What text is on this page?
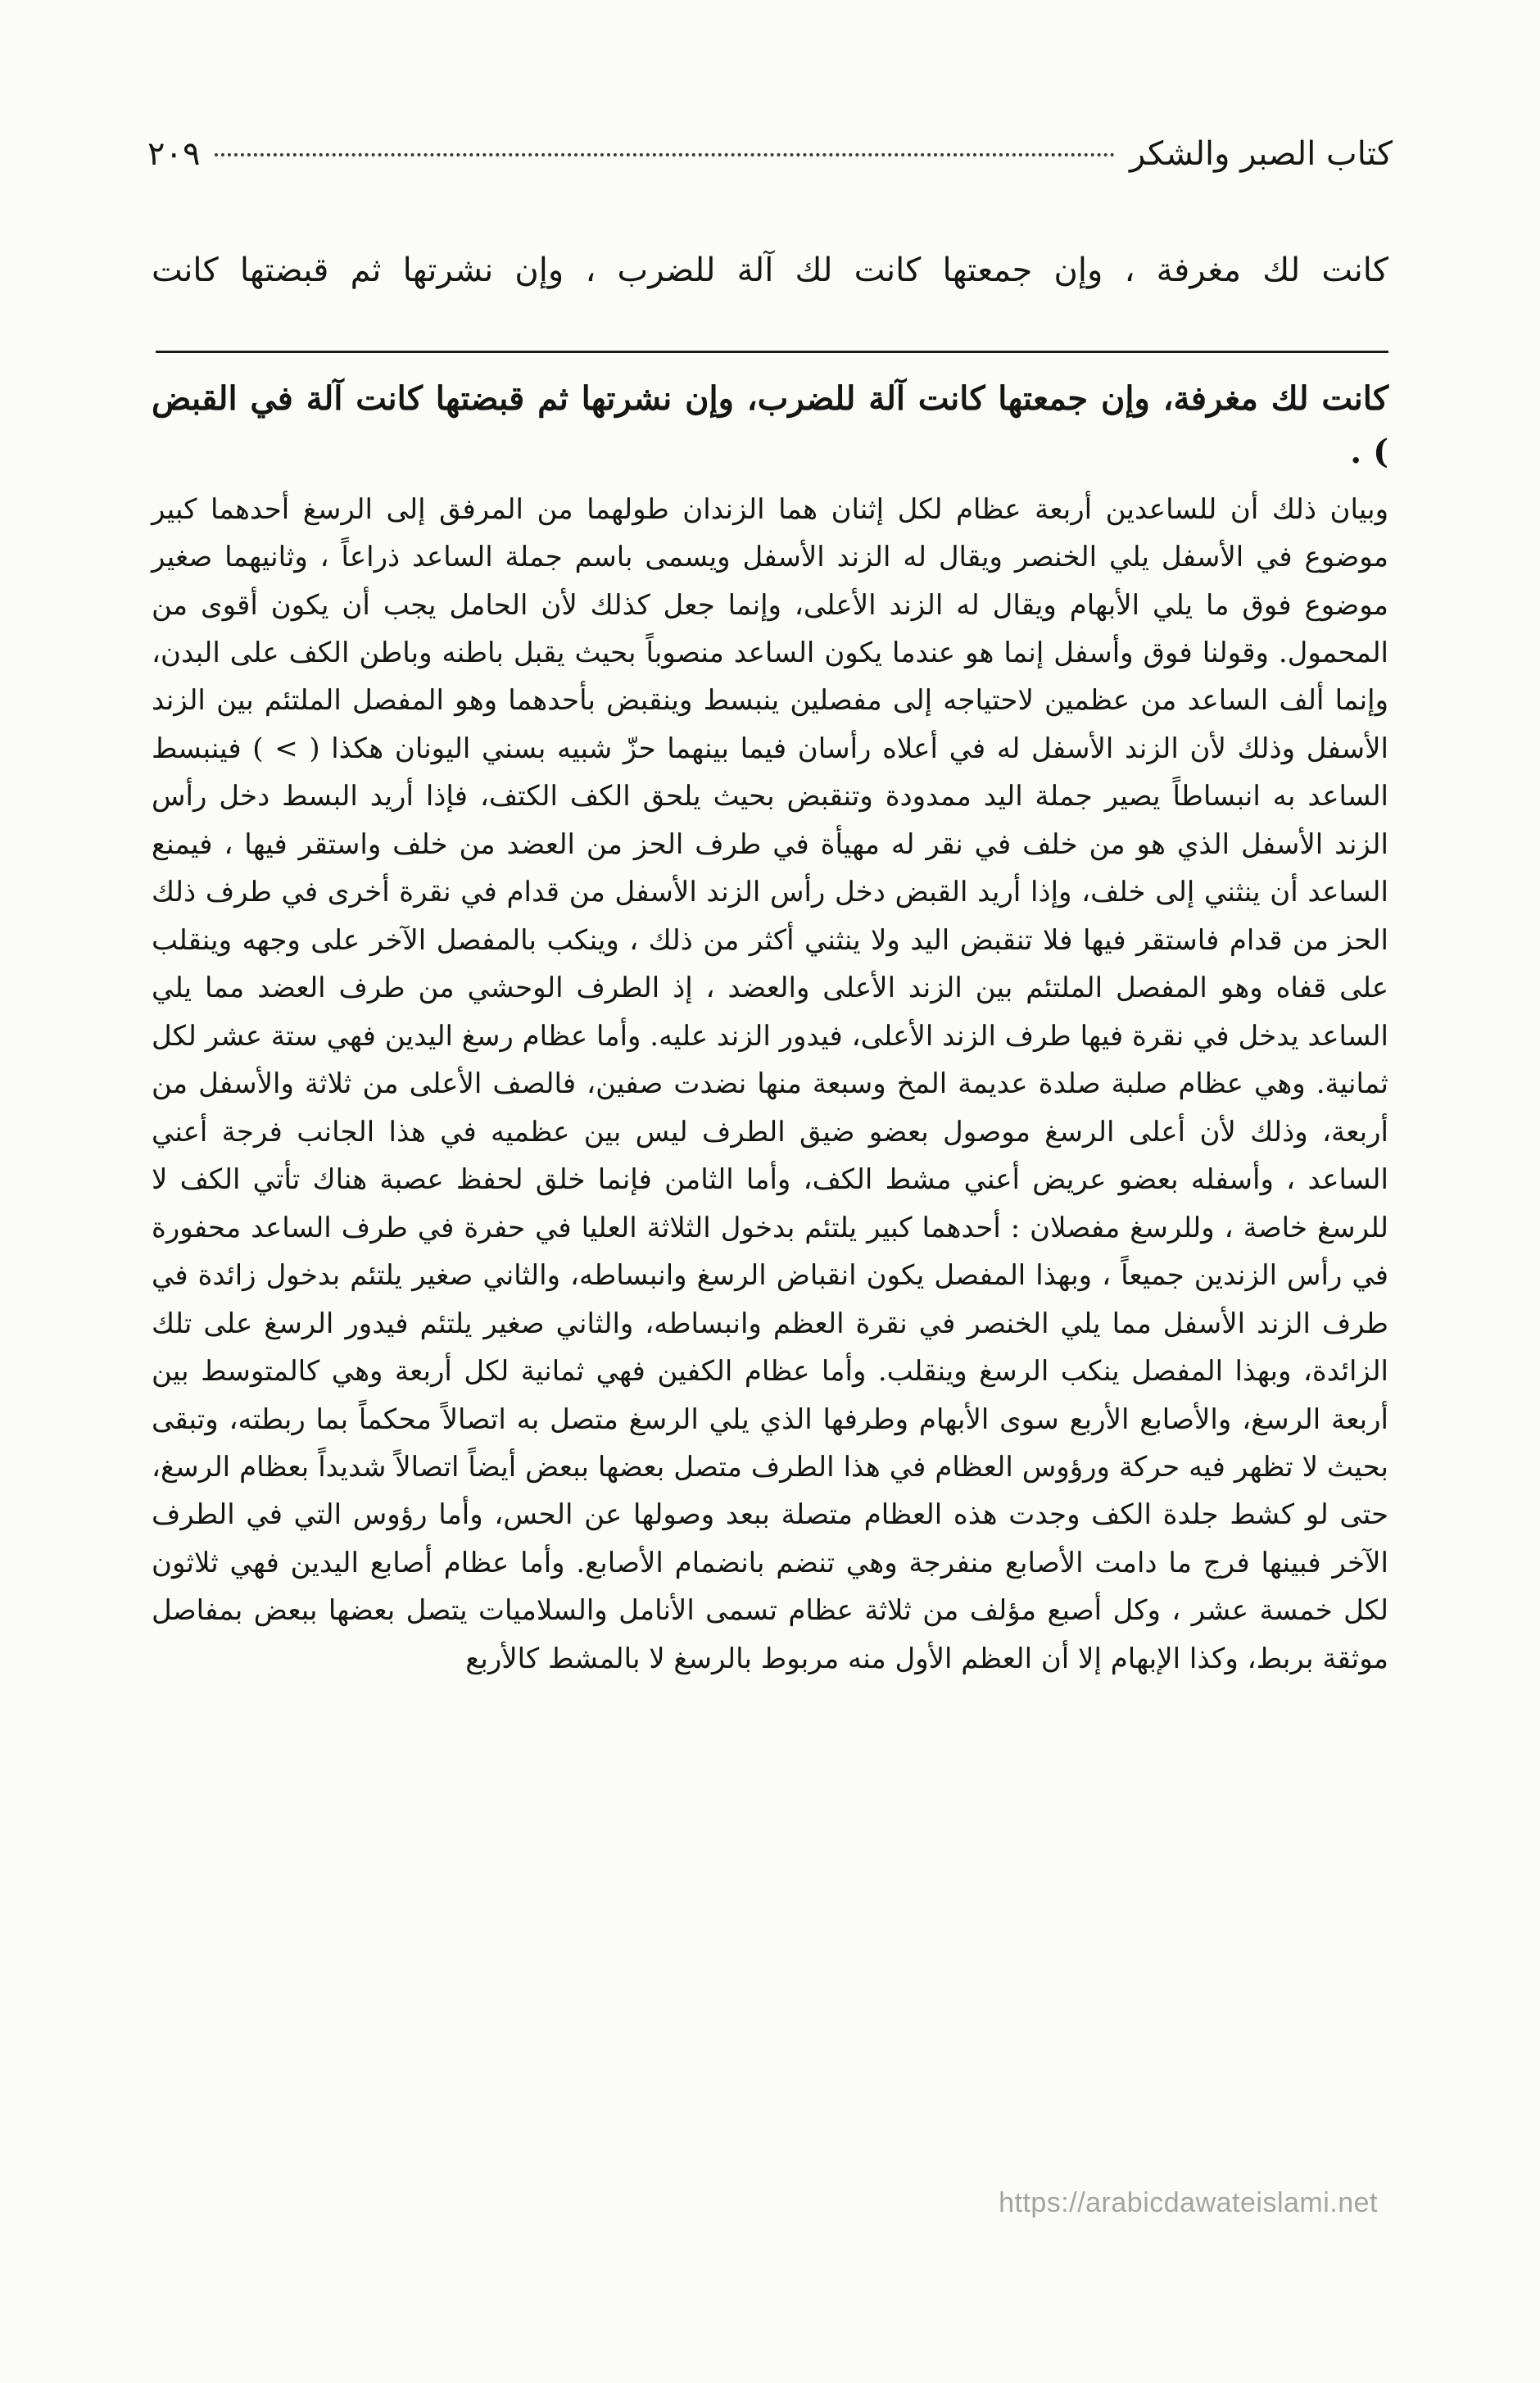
كتاب الصبر والشكر
٢٠٩
كانت لك مغرفة ، وإن جمعتها كانت لك آلة للضرب ، وإن نشرتها ثم قبضتها كانت

كانت لك مغرفة، وإن جمعتها كانت آلة للضرب، وإن نشرتها ثم قبضتها كانت آلة في القبض ) .

وبيان ذلك أن للساعدين أربعة عظام لكل إثنان هما الزندان طولهما من المرفق إلى الرسغ أحدهما كبير موضوع في الأسفل يلي الخنصر ويقال له الزند الأسفل ويسمى باسم جملة الساعد ذراعاً ، وثانيهما صغير موضوع فوق ما يلي الأبهام ويقال له الزند الأعلى، وإنما جعل كذلك لأن الحامل يجب أن يكون أقوى من المحمول. وقولنا فوق وأسفل إنما هو عندما يكون الساعد منصوباً بحيث يقبل باطنه وباطن الكف على البدن، وإنما ألف الساعد من عظمين لاحتياجه إلى مفصلين ينبسط وينقبض بأحدهما وهو المفصل الملتئم بين الزند الأسفل وذلك لأن الزند الأسفل له في أعلاه رأسان فيما بينهما حزّ شبيه بسني اليونان هكذا ( > ) فينبسط الساعد به انبساطاً يصير جملة اليد ممدودة وتنقبض بحيث يلحق الكف الكتف، فإذا أريد البسط دخل رأس الزند الأسفل الذي هو من خلف في نقر له مهيأة في طرف الحز من العضد من خلف واستقر فيها ، فيمنع الساعد أن ينثني إلى خلف، وإذا أريد القبض دخل رأس الزند الأسفل من قدام في نقرة أخرى في طرف ذلك الحز من قدام فاستقر فيها فلا تنقبض اليد ولا ينثني أكثر من ذلك ، وينكب بالمفصل الآخر على وجهه وينقلب على قفاه وهو المفصل الملتئم بين الزند الأعلى والعضد ، إذ الطرف الوحشي من طرف العضد مما يلي الساعد يدخل في نقرة فيها طرف الزند الأعلى، فيدور الزند عليه. وأما عظام رسغ اليدين فهي ستة عشر لكل ثمانية. وهي عظام صلبة صلدة عديمة المخ وسبعة منها نضدت صفين، فالصف الأعلى من ثلاثة والأسفل من أربعة، وذلك لأن أعلى الرسغ موصول بعضو ضيق الطرف ليس بين عظميه في هذا الجانب فرجة أعني الساعد ، وأسفله بعضو عريض أعني مشط الكف، وأما الثامن فإنما خلق لحفظ عصبة هناك تأتي الكف لا للرسغ خاصة ، وللرسغ مفصلان : أحدهما كبير يلتئم بدخول الثلاثة العليا في حفرة في طرف الساعد محفورة في رأس الزندين جميعاً ، وبهذا المفصل يكون انقباض الرسغ وانبساطه، والثاني صغير يلتئم بدخول زائدة في طرف الزند الأسفل مما يلي الخنصر في نقرة العظم وانبساطه، والثاني صغير يلتئم فيدور الرسغ على تلك الزائدة، وبهذا المفصل ينكب الرسغ وينقلب. وأما عظام الكفين فهي ثمانية لكل أربعة وهي كالمتوسط بين أربعة الرسغ، والأصابع الأربع سوى الأبهام وطرفها الذي يلي الرسغ متصل به اتصالاً محكماً بما ربطته، وتبقى بحيث لا تظهر فيه حركة ورؤوس العظام في هذا الطرف متصل بعضها ببعض أيضاً اتصالاً شديداً بعظام الرسغ، حتى لو كشط جلدة الكف وجدت هذه العظام متصلة ببعد وصولها عن الحس، وأما رؤوس التي في الطرف الآخر فبينها فرج ما دامت الأصابع منفرجة وهي تنضم بانضمام الأصابع. وأما عظام أصابع اليدين فهي ثلاثون لكل خمسة عشر ، وكل أصبع مؤلف من ثلاثة عظام تسمى الأنامل والسلاميات يتصل بعضها ببعض بمفاصل موثقة بربط، وكذا الإبهام إلا أن العظم الأول منه مربوط بالرسغ لا بالمشط كالأربع

https://arabicdawateislami.net
